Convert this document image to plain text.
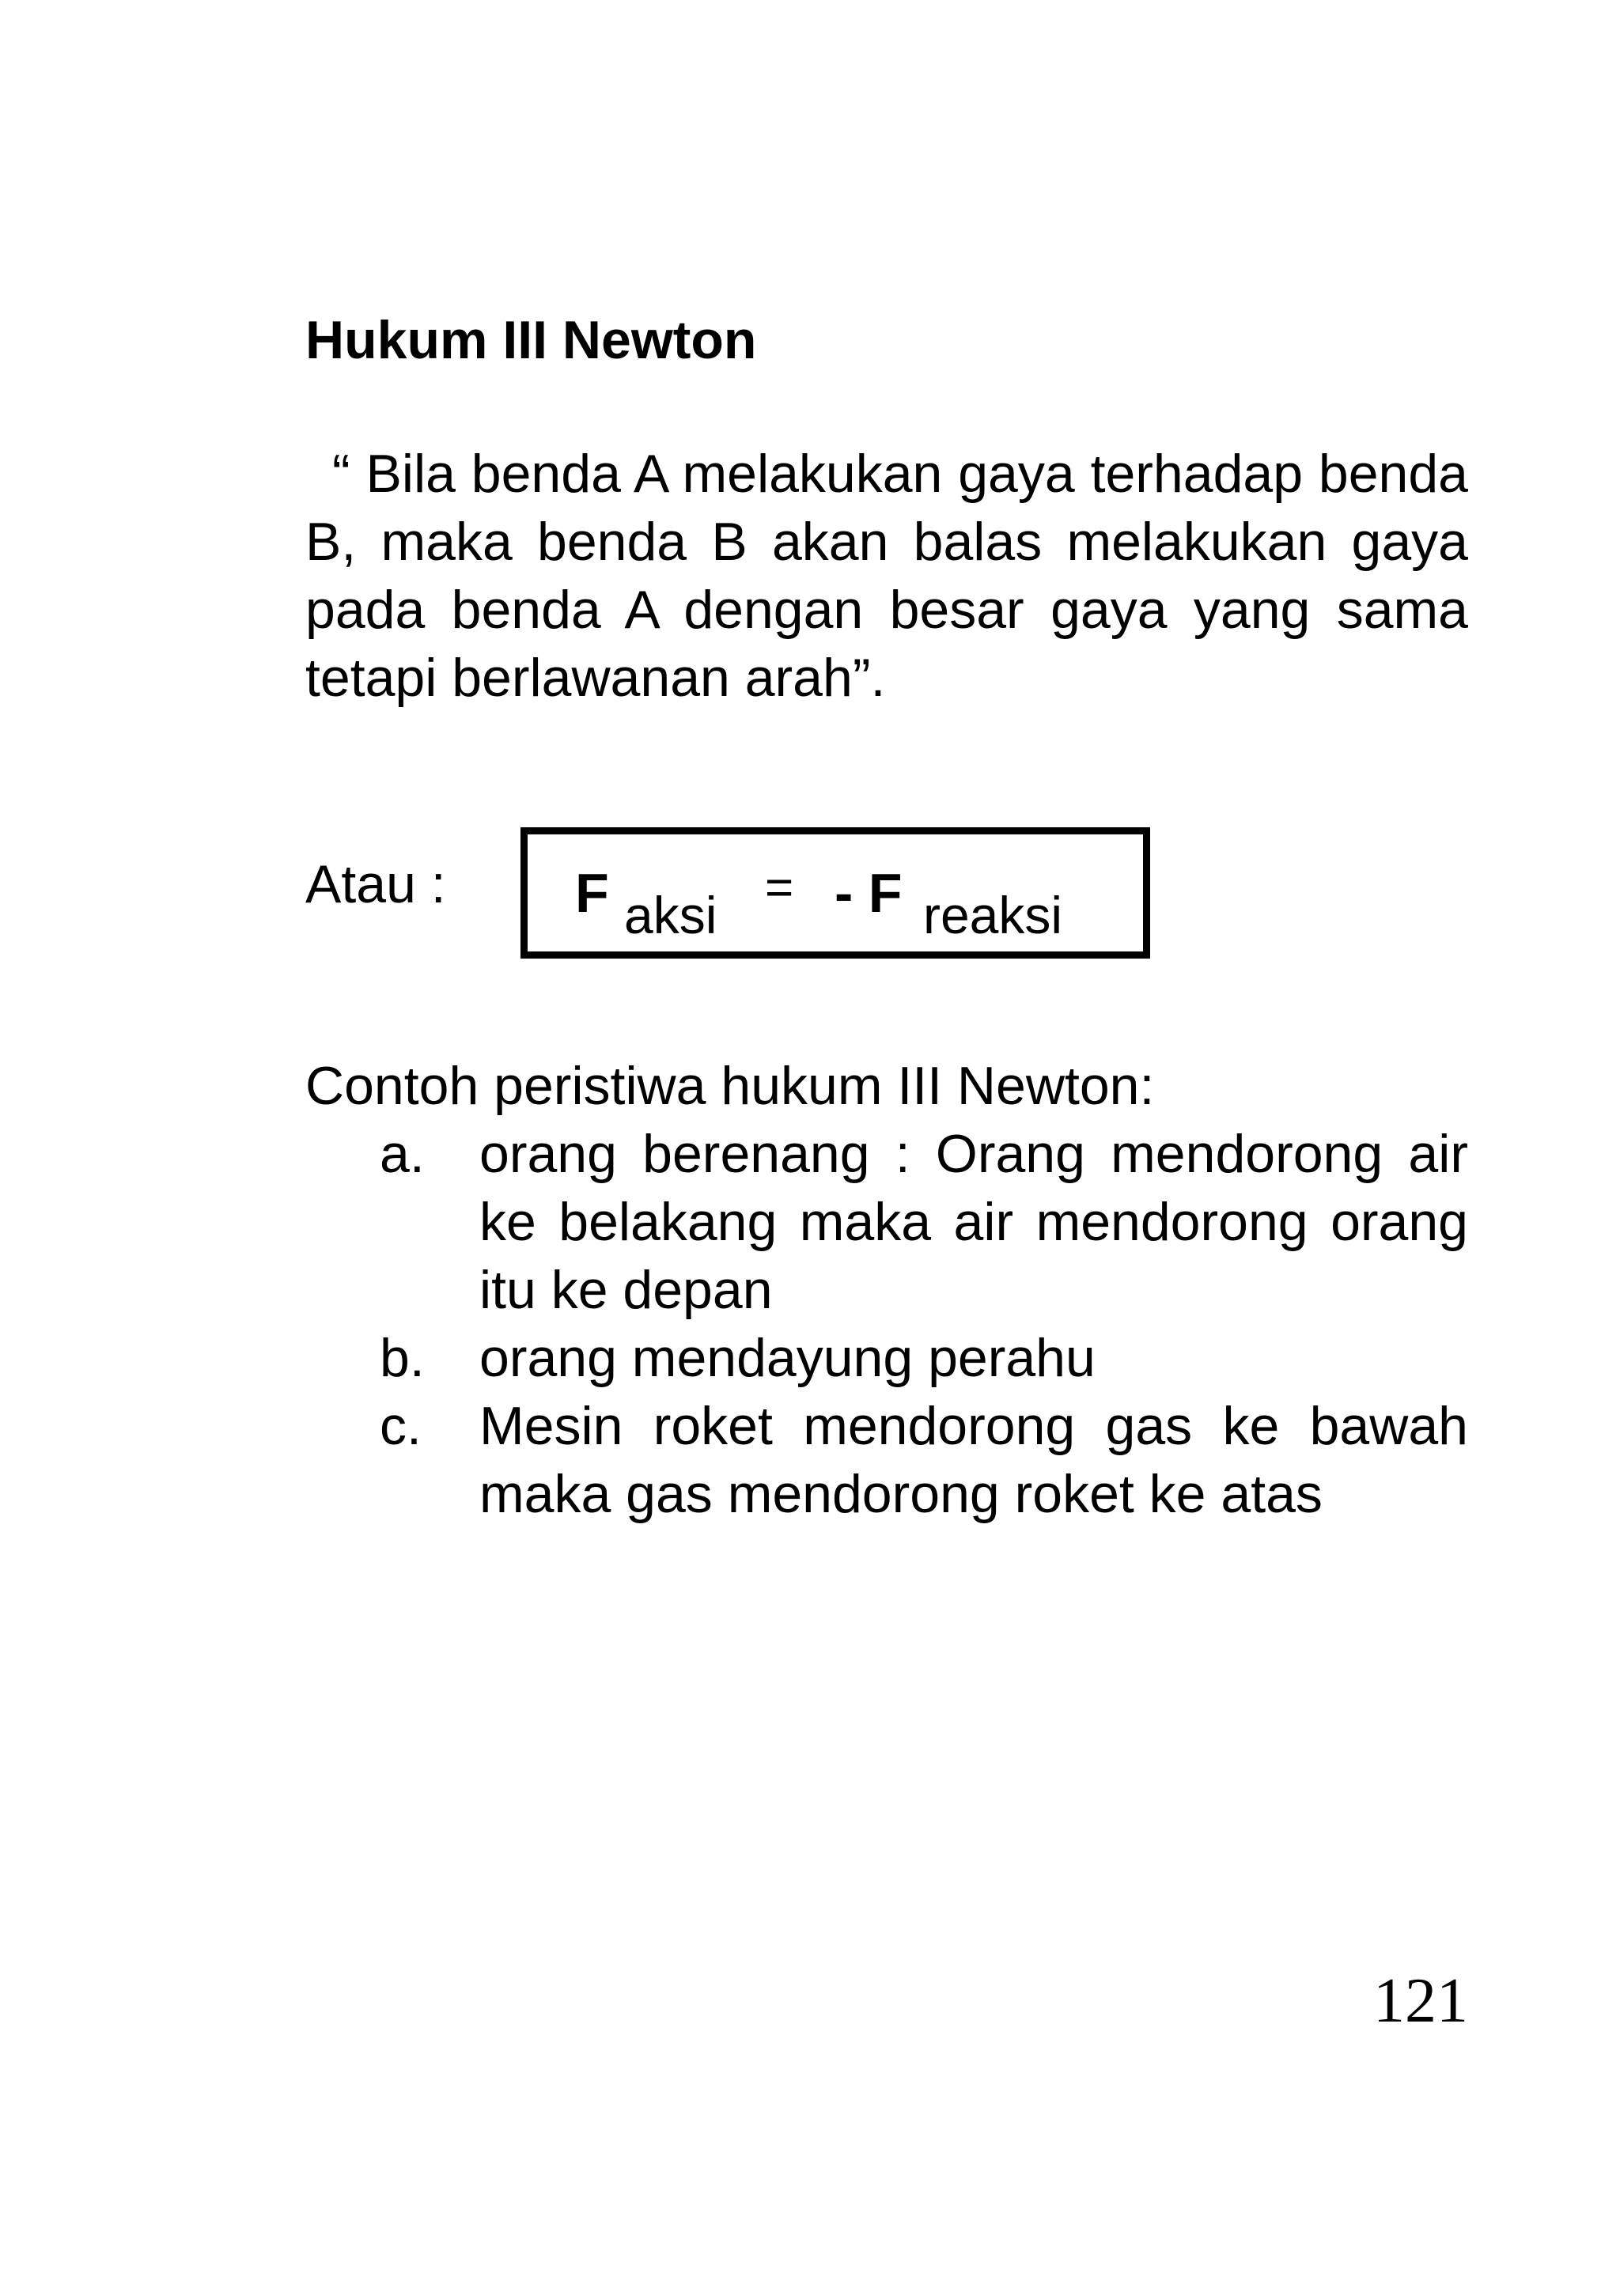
Hukum III Newton

“ Bila benda A melakukan gaya terhadap benda B, maka benda B akan balas melakukan gaya pada benda A dengan besar gaya yang sama tetapi berlawanan arah”.

Atau : F aksi = - F reaksi
Contoh peristiwa hukum III Newton:
a. orang berenang : Orang mendorong air ke belakang maka air mendorong orang itu ke depan
b. orang mendayung perahu
c. Mesin roket mendorong gas ke bawah maka gas mendorong roket ke atas
121
